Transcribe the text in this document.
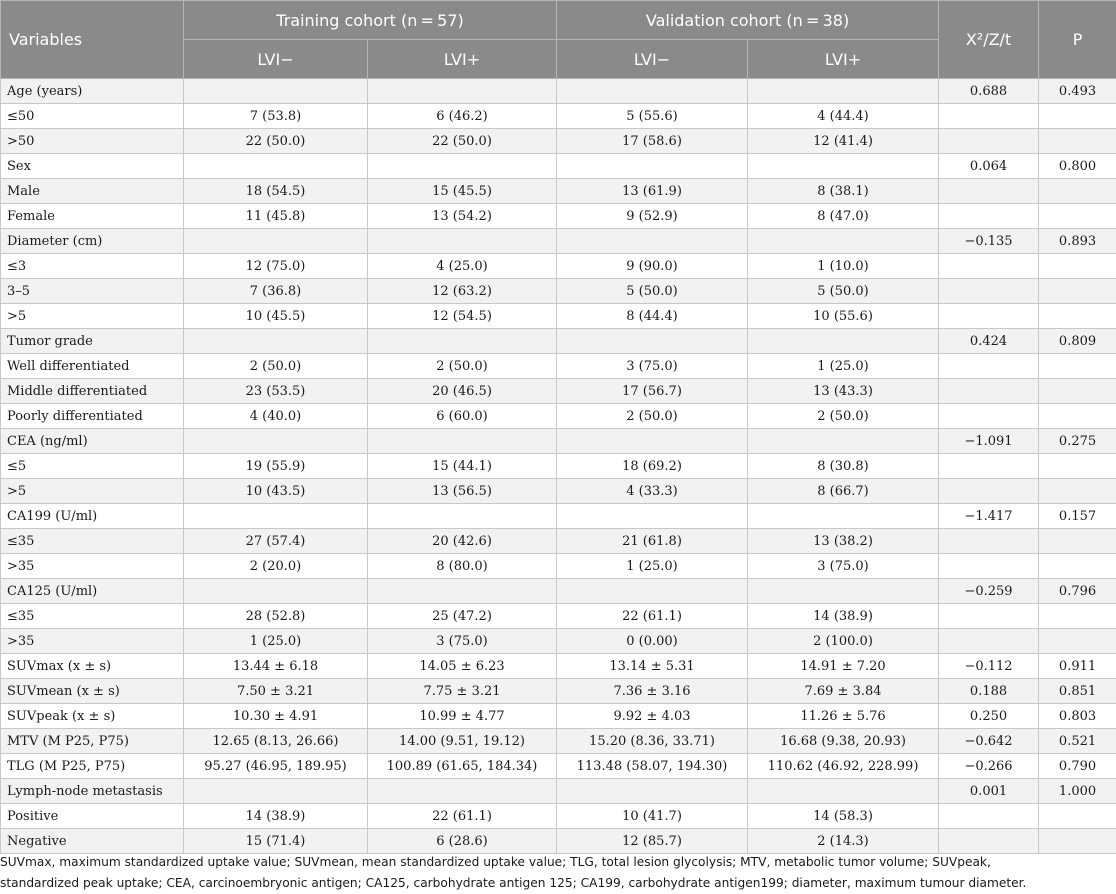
Variables	Training cohort (n = 57)		Validation cohort (n = 38)		X²/Z/t	P
	LVI−	LVI+	LVI−	LVI+		
Age (years)					0.688	0.493
≤50	7 (53.8)	6 (46.2)	5 (55.6)	4 (44.4)		
>50	22 (50.0)	22 (50.0)	17 (58.6)	12 (41.4)		
Sex					0.064	0.800
Male	18 (54.5)	15 (45.5)	13 (61.9)	8 (38.1)		
Female	11 (45.8)	13 (54.2)	9 (52.9)	8 (47.0)		
Diameter (cm)					−0.135	0.893
≤3	12 (75.0)	4 (25.0)	9 (90.0)	1 (10.0)		
3–5	7 (36.8)	12 (63.2)	5 (50.0)	5 (50.0)		
>5	10 (45.5)	12 (54.5)	8 (44.4)	10 (55.6)		
Tumor grade					0.424	0.809
Well differentiated	2 (50.0)	2 (50.0)	3 (75.0)	1 (25.0)		
Middle differentiated	23 (53.5)	20 (46.5)	17 (56.7)	13 (43.3)		
Poorly differentiated	4 (40.0)	6 (60.0)	2 (50.0)	2 (50.0)		
CEA (ng/ml)					−1.091	0.275
≤5	19 (55.9)	15 (44.1)	18 (69.2)	8 (30.8)		
>5	10 (43.5)	13 (56.5)	4 (33.3)	8 (66.7)		
CA199 (U/ml)					−1.417	0.157
≤35	27 (57.4)	20 (42.6)	21 (61.8)	13 (38.2)		
>35	2 (20.0)	8 (80.0)	1 (25.0)	3 (75.0)		
CA125 (U/ml)					−0.259	0.796
≤35	28 (52.8)	25 (47.2)	22 (61.1)	14 (38.9)		
>35	1 (25.0)	3 (75.0)	0 (0.00)	2 (100.0)		
SUVmax (x ± s)	13.44 ± 6.18	14.05 ± 6.23	13.14 ± 5.31	14.91 ± 7.20	−0.112	0.911
SUVmean (x ± s)	7.50 ± 3.21	7.75 ± 3.21	7.36 ± 3.16	7.69 ± 3.84	0.188	0.851
SUVpeak (x ± s)	10.30 ± 4.91	10.99 ± 4.77	9.92 ± 4.03	11.26 ± 5.76	0.250	0.803
MTV (M P25, P75)	12.65 (8.13, 26.66)	14.00 (9.51, 19.12)	15.20 (8.36, 33.71)	16.68 (9.38, 20.93)	−0.642	0.521
TLG (M P25, P75)	95.27 (46.95, 189.95)	100.89 (61.65, 184.34)	113.48 (58.07, 194.30)	110.62 (46.92, 228.99)	−0.266	0.790
Lymph-node metastasis					0.001	1.000
Positive	14 (38.9)	22 (61.1)	10 (41.7)	14 (58.3)		
Negative	15 (71.4)	6 (28.6)	12 (85.7)	2 (14.3)		
SUVmax, maximum standardized uptake value; SUVmean, mean standardized uptake value; TLG, total lesion glycolysis; MTV, metabolic tumor volume; SUVpeak,
standardized peak uptake; CEA, carcinoembryonic antigen; CA125, carbohydrate antigen 125; CA199, carbohydrate antigen199; diameter, maximum tumour diameter.
